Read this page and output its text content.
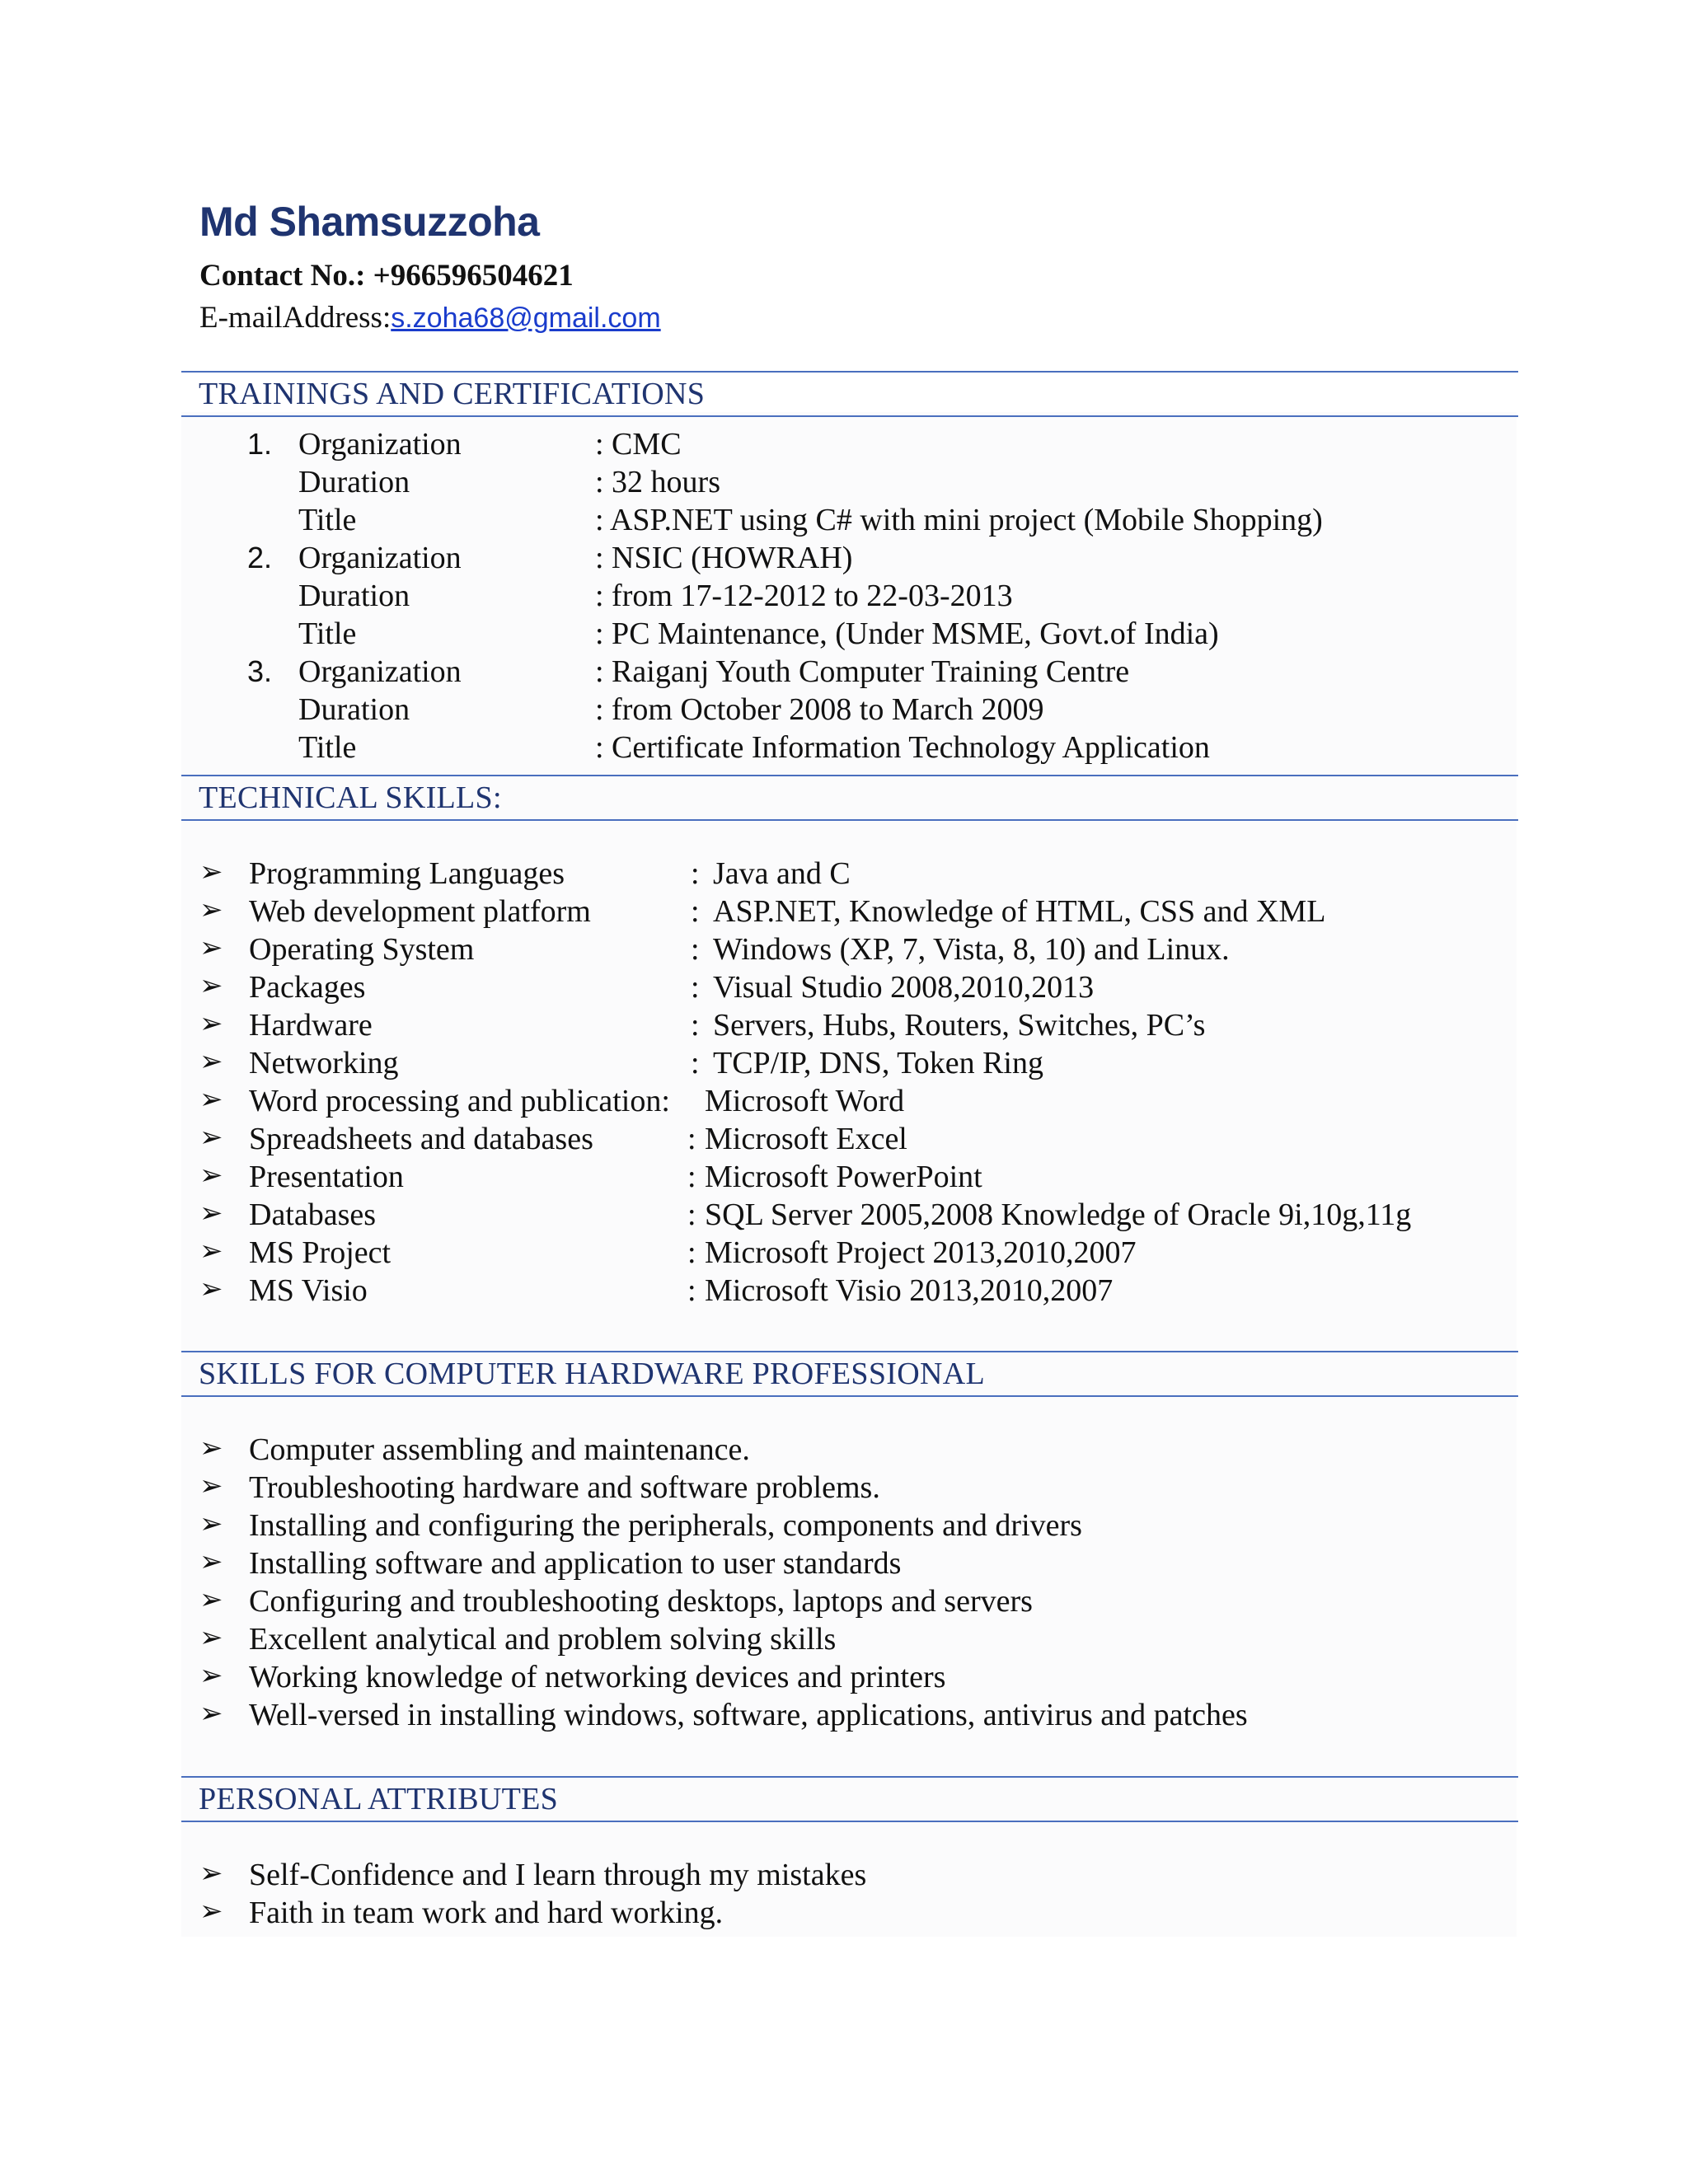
Md Shamsuzzoha
Contact No.: +966596504621
E-mailAddress:s.zoha68@gmail.com
TRAININGS AND CERTIFICATIONS
1. Organization	: CMC
Duration	: 32 hours
Title	: ASP.NET using C# with mini project (Mobile Shopping)
2. Organization	: NSIC (HOWRAH)
Duration	: from 17-12-2012 to 22-03-2013
Title	: PC Maintenance, (Under MSME, Govt.of India)
3. Organization	: Raiganj Youth Computer Training Centre
Duration	: from October 2008 to March 2009
Title	: Certificate Information Technology Application
TECHNICAL SKILLS:
➢ Programming Languages	: Java and C
➢ Web development platform	: ASP.NET, Knowledge of HTML, CSS and XML
➢ Operating System	: Windows (XP, 7, Vista, 8, 10) and Linux.
➢ Packages	: Visual Studio 2008,2010,2013
➢ Hardware	: Servers, Hubs, Routers, Switches, PC’s
➢ Networking	: TCP/IP, DNS, Token Ring
➢ Word processing and publication: Microsoft Word
➢ Spreadsheets and databases	: Microsoft Excel
➢ Presentation	: Microsoft PowerPoint
➢ Databases	: SQL Server 2005,2008 Knowledge of Oracle 9i,10g,11g
➢ MS Project	: Microsoft Project 2013,2010,2007
➢ MS Visio	: Microsoft Visio 2013,2010,2007
SKILLS FOR COMPUTER HARDWARE PROFESSIONAL
➢ Computer assembling and maintenance.
➢ Troubleshooting hardware and software problems.
➢ Installing and configuring the peripherals, components and drivers
➢ Installing software and application to user standards
➢ Configuring and troubleshooting desktops, laptops and servers
➢ Excellent analytical and problem solving skills
➢ Working knowledge of networking devices and printers
➢ Well-versed in installing windows, software, applications, antivirus and patches
PERSONAL ATTRIBUTES
➢ Self-Confidence and I learn through my mistakes
➢ Faith in team work and hard working.
